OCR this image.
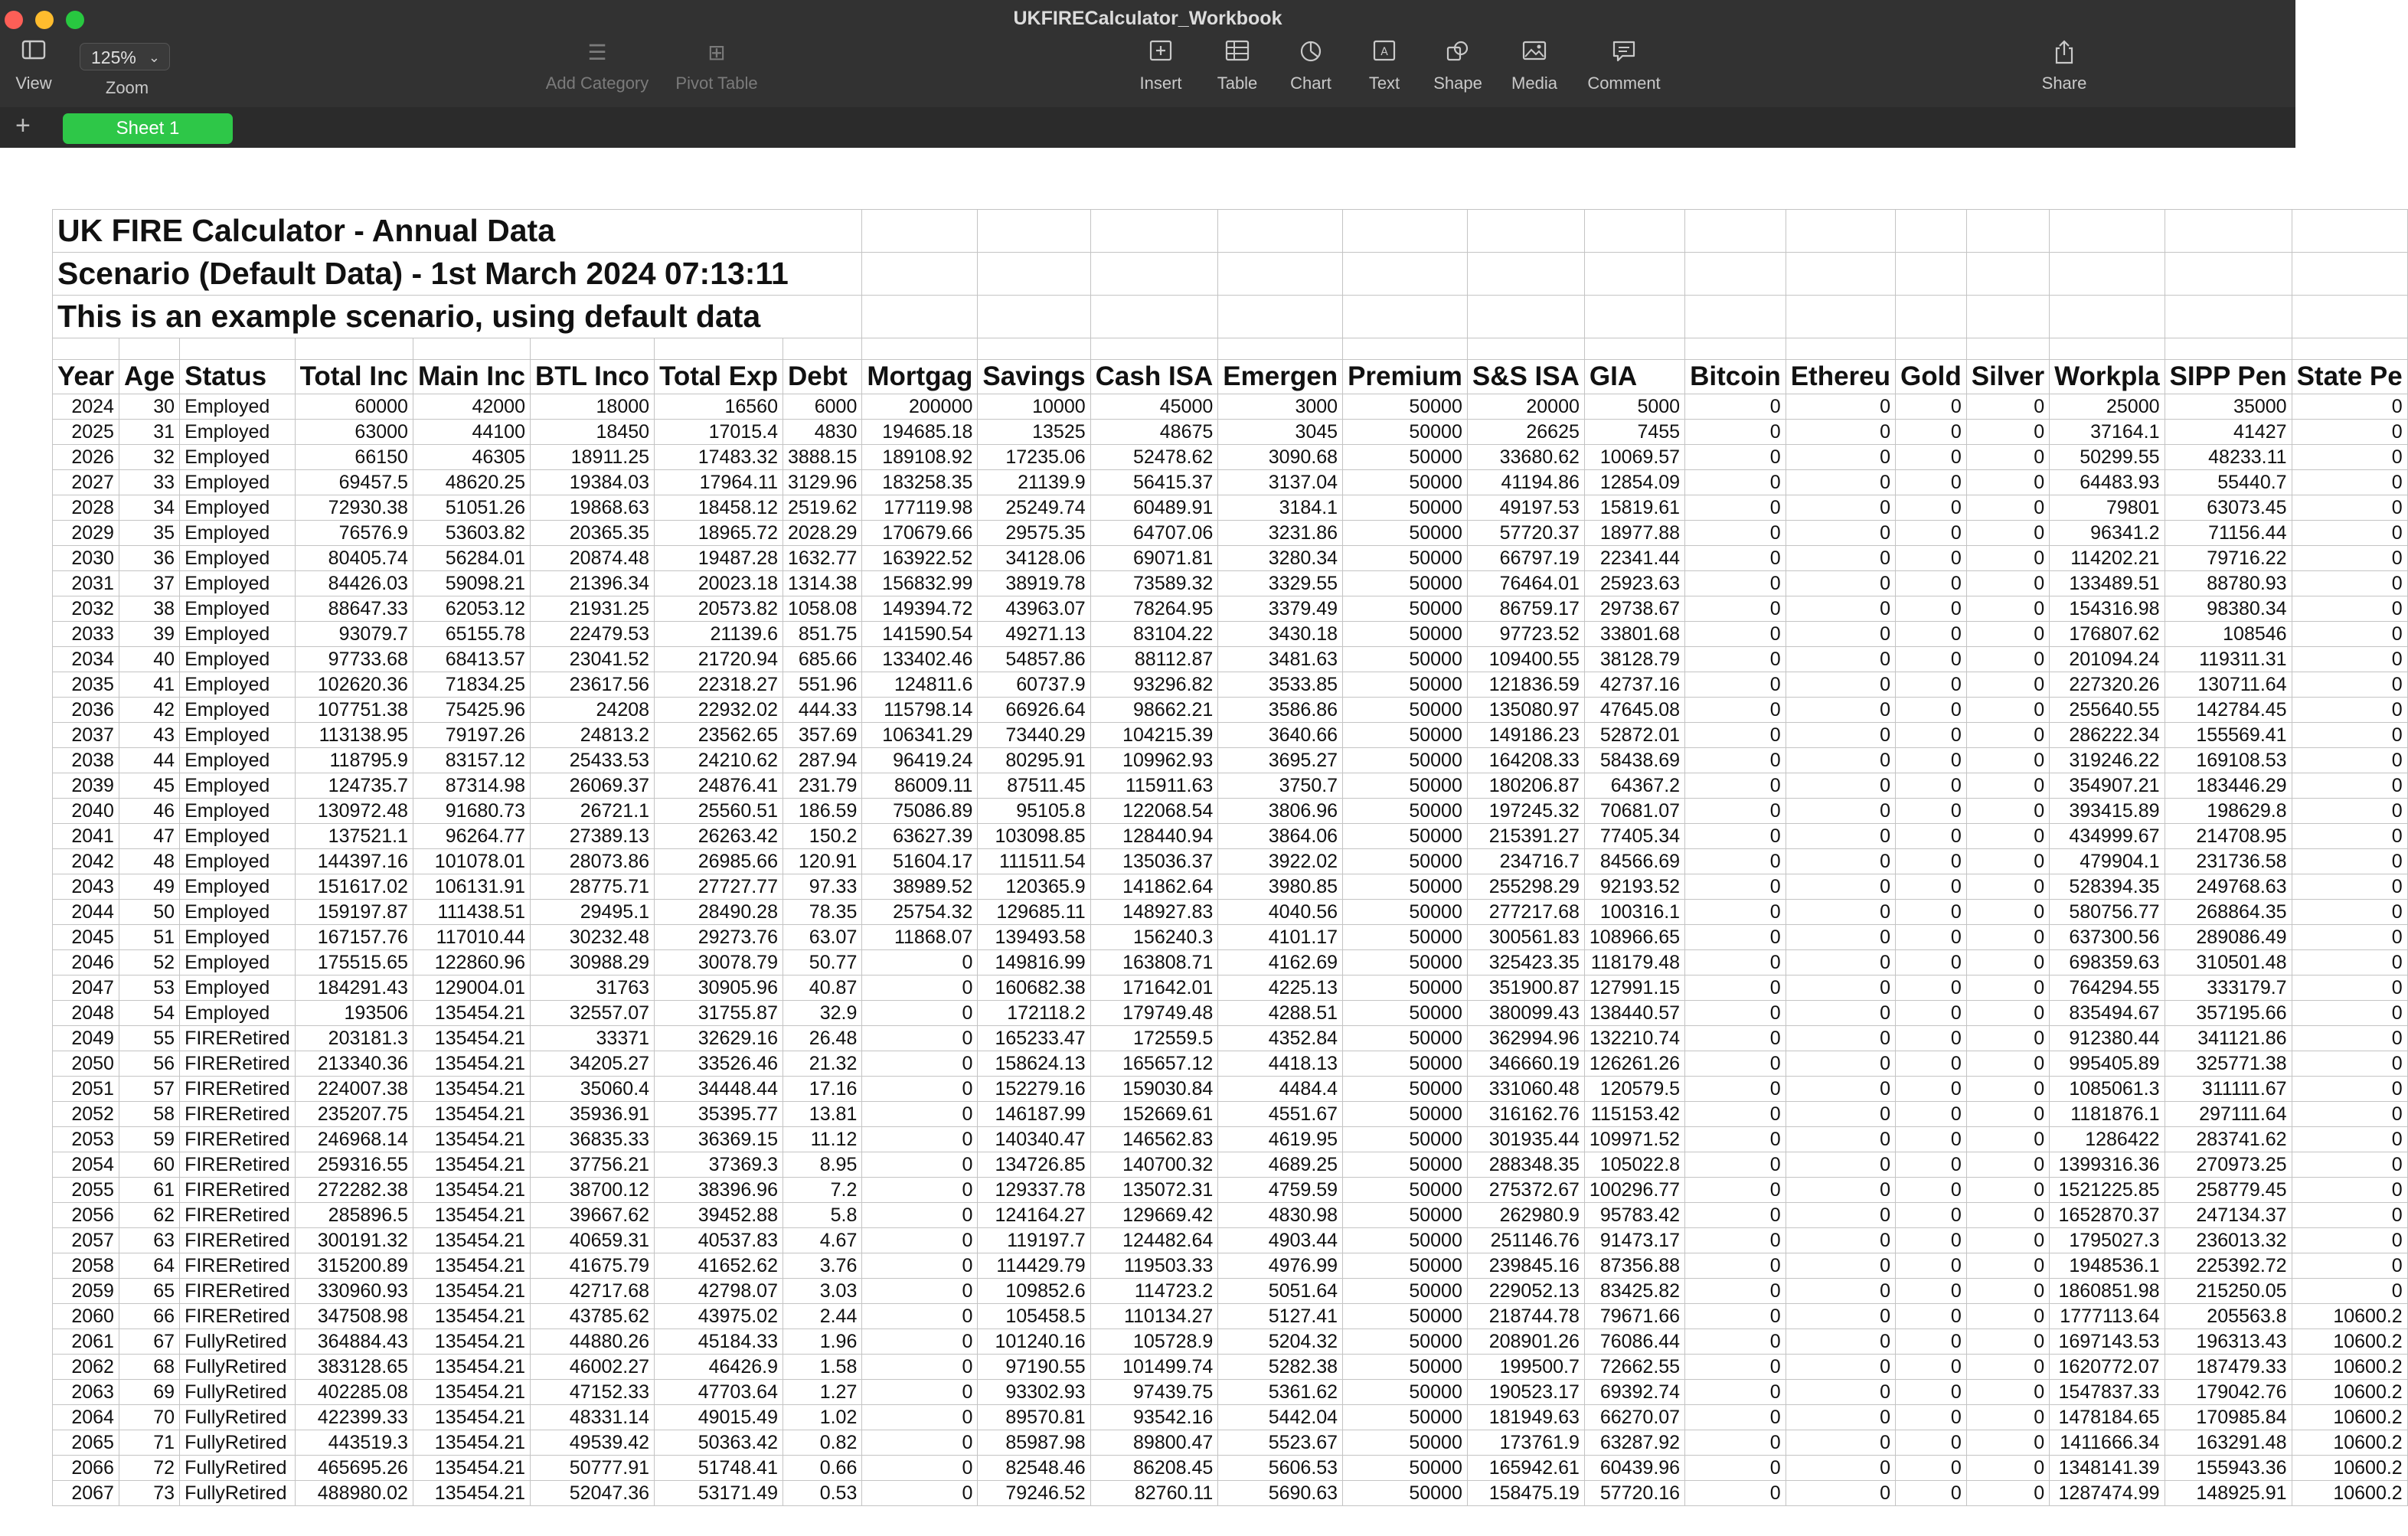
UKFIRECalculator_Workbook
View
125% ⌄
Zoom
☰
Add Category
⊞
Pivot Table	Insert	Table	Chart
A
Text	Shape	Media	Comment	Share
+	Sheet 1
UK FIRE Calculator - Annual Data																					
Scenario (Default Data) - 1st March 2024 07:13:11																					
This is an example scenario, using default data																					

Year	Age	Status	Total Inc	Main Inc	BTL Inco	Total Exp	Debt	Mortgag	Savings	Cash ISA	Emergen	Premium	S&S ISA	GIA	Bitcoin	Ethereu	Gold	Silver	Workpla	SIPP Pen	State Pe
2024	30	Employed	60000	42000	18000	16560	6000	200000	10000	45000	3000	50000	20000	5000	0	0	0	0	25000	35000	0
2025	31	Employed	63000	44100	18450	17015.4	4830	194685.18	13525	48675	3045	50000	26625	7455	0	0	0	0	37164.1	41427	0
2026	32	Employed	66150	46305	18911.25	17483.32	3888.15	189108.92	17235.06	52478.62	3090.68	50000	33680.62	10069.57	0	0	0	0	50299.55	48233.11	0
2027	33	Employed	69457.5	48620.25	19384.03	17964.11	3129.96	183258.35	21139.9	56415.37	3137.04	50000	41194.86	12854.09	0	0	0	0	64483.93	55440.7	0
2028	34	Employed	72930.38	51051.26	19868.63	18458.12	2519.62	177119.98	25249.74	60489.91	3184.1	50000	49197.53	15819.61	0	0	0	0	79801	63073.45	0
2029	35	Employed	76576.9	53603.82	20365.35	18965.72	2028.29	170679.66	29575.35	64707.06	3231.86	50000	57720.37	18977.88	0	0	0	0	96341.2	71156.44	0
2030	36	Employed	80405.74	56284.01	20874.48	19487.28	1632.77	163922.52	34128.06	69071.81	3280.34	50000	66797.19	22341.44	0	0	0	0	114202.21	79716.22	0
2031	37	Employed	84426.03	59098.21	21396.34	20023.18	1314.38	156832.99	38919.78	73589.32	3329.55	50000	76464.01	25923.63	0	0	0	0	133489.51	88780.93	0
2032	38	Employed	88647.33	62053.12	21931.25	20573.82	1058.08	149394.72	43963.07	78264.95	3379.49	50000	86759.17	29738.67	0	0	0	0	154316.98	98380.34	0
2033	39	Employed	93079.7	65155.78	22479.53	21139.6	851.75	141590.54	49271.13	83104.22	3430.18	50000	97723.52	33801.68	0	0	0	0	176807.62	108546	0
2034	40	Employed	97733.68	68413.57	23041.52	21720.94	685.66	133402.46	54857.86	88112.87	3481.63	50000	109400.55	38128.79	0	0	0	0	201094.24	119311.31	0
2035	41	Employed	102620.36	71834.25	23617.56	22318.27	551.96	124811.6	60737.9	93296.82	3533.85	50000	121836.59	42737.16	0	0	0	0	227320.26	130711.64	0
2036	42	Employed	107751.38	75425.96	24208	22932.02	444.33	115798.14	66926.64	98662.21	3586.86	50000	135080.97	47645.08	0	0	0	0	255640.55	142784.45	0
2037	43	Employed	113138.95	79197.26	24813.2	23562.65	357.69	106341.29	73440.29	104215.39	3640.66	50000	149186.23	52872.01	0	0	0	0	286222.34	155569.41	0
2038	44	Employed	118795.9	83157.12	25433.53	24210.62	287.94	96419.24	80295.91	109962.93	3695.27	50000	164208.33	58438.69	0	0	0	0	319246.22	169108.53	0
2039	45	Employed	124735.7	87314.98	26069.37	24876.41	231.79	86009.11	87511.45	115911.63	3750.7	50000	180206.87	64367.2	0	0	0	0	354907.21	183446.29	0
2040	46	Employed	130972.48	91680.73	26721.1	25560.51	186.59	75086.89	95105.8	122068.54	3806.96	50000	197245.32	70681.07	0	0	0	0	393415.89	198629.8	0
2041	47	Employed	137521.1	96264.77	27389.13	26263.42	150.2	63627.39	103098.85	128440.94	3864.06	50000	215391.27	77405.34	0	0	0	0	434999.67	214708.95	0
2042	48	Employed	144397.16	101078.01	28073.86	26985.66	120.91	51604.17	111511.54	135036.37	3922.02	50000	234716.7	84566.69	0	0	0	0	479904.1	231736.58	0
2043	49	Employed	151617.02	106131.91	28775.71	27727.77	97.33	38989.52	120365.9	141862.64	3980.85	50000	255298.29	92193.52	0	0	0	0	528394.35	249768.63	0
2044	50	Employed	159197.87	111438.51	29495.1	28490.28	78.35	25754.32	129685.11	148927.83	4040.56	50000	277217.68	100316.1	0	0	0	0	580756.77	268864.35	0
2045	51	Employed	167157.76	117010.44	30232.48	29273.76	63.07	11868.07	139493.58	156240.3	4101.17	50000	300561.83	108966.65	0	0	0	0	637300.56	289086.49	0
2046	52	Employed	175515.65	122860.96	30988.29	30078.79	50.77	0	149816.99	163808.71	4162.69	50000	325423.35	118179.48	0	0	0	0	698359.63	310501.48	0
2047	53	Employed	184291.43	129004.01	31763	30905.96	40.87	0	160682.38	171642.01	4225.13	50000	351900.87	127991.15	0	0	0	0	764294.55	333179.7	0
2048	54	Employed	193506	135454.21	32557.07	31755.87	32.9	0	172118.2	179749.48	4288.51	50000	380099.43	138440.57	0	0	0	0	835494.67	357195.66	0
2049	55	FIRERetired	203181.3	135454.21	33371	32629.16	26.48	0	165233.47	172559.5	4352.84	50000	362994.96	132210.74	0	0	0	0	912380.44	341121.86	0
2050	56	FIRERetired	213340.36	135454.21	34205.27	33526.46	21.32	0	158624.13	165657.12	4418.13	50000	346660.19	126261.26	0	0	0	0	995405.89	325771.38	0
2051	57	FIRERetired	224007.38	135454.21	35060.4	34448.44	17.16	0	152279.16	159030.84	4484.4	50000	331060.48	120579.5	0	0	0	0	1085061.3	311111.67	0
2052	58	FIRERetired	235207.75	135454.21	35936.91	35395.77	13.81	0	146187.99	152669.61	4551.67	50000	316162.76	115153.42	0	0	0	0	1181876.1	297111.64	0
2053	59	FIRERetired	246968.14	135454.21	36835.33	36369.15	11.12	0	140340.47	146562.83	4619.95	50000	301935.44	109971.52	0	0	0	0	1286422	283741.62	0
2054	60	FIRERetired	259316.55	135454.21	37756.21	37369.3	8.95	0	134726.85	140700.32	4689.25	50000	288348.35	105022.8	0	0	0	0	1399316.36	270973.25	0
2055	61	FIRERetired	272282.38	135454.21	38700.12	38396.96	7.2	0	129337.78	135072.31	4759.59	50000	275372.67	100296.77	0	0	0	0	1521225.85	258779.45	0
2056	62	FIRERetired	285896.5	135454.21	39667.62	39452.88	5.8	0	124164.27	129669.42	4830.98	50000	262980.9	95783.42	0	0	0	0	1652870.37	247134.37	0
2057	63	FIRERetired	300191.32	135454.21	40659.31	40537.83	4.67	0	119197.7	124482.64	4903.44	50000	251146.76	91473.17	0	0	0	0	1795027.3	236013.32	0
2058	64	FIRERetired	315200.89	135454.21	41675.79	41652.62	3.76	0	114429.79	119503.33	4976.99	50000	239845.16	87356.88	0	0	0	0	1948536.1	225392.72	0
2059	65	FIRERetired	330960.93	135454.21	42717.68	42798.07	3.03	0	109852.6	114723.2	5051.64	50000	229052.13	83425.82	0	0	0	0	1860851.98	215250.05	0
2060	66	FIRERetired	347508.98	135454.21	43785.62	43975.02	2.44	0	105458.5	110134.27	5127.41	50000	218744.78	79671.66	0	0	0	0	1777113.64	205563.8	10600.2
2061	67	FullyRetired	364884.43	135454.21	44880.26	45184.33	1.96	0	101240.16	105728.9	5204.32	50000	208901.26	76086.44	0	0	0	0	1697143.53	196313.43	10600.2
2062	68	FullyRetired	383128.65	135454.21	46002.27	46426.9	1.58	0	97190.55	101499.74	5282.38	50000	199500.7	72662.55	0	0	0	0	1620772.07	187479.33	10600.2
2063	69	FullyRetired	402285.08	135454.21	47152.33	47703.64	1.27	0	93302.93	97439.75	5361.62	50000	190523.17	69392.74	0	0	0	0	1547837.33	179042.76	10600.2
2064	70	FullyRetired	422399.33	135454.21	48331.14	49015.49	1.02	0	89570.81	93542.16	5442.04	50000	181949.63	66270.07	0	0	0	0	1478184.65	170985.84	10600.2
2065	71	FullyRetired	443519.3	135454.21	49539.42	50363.42	0.82	0	85987.98	89800.47	5523.67	50000	173761.9	63287.92	0	0	0	0	1411666.34	163291.48	10600.2
2066	72	FullyRetired	465695.26	135454.21	50777.91	51748.41	0.66	0	82548.46	86208.45	5606.53	50000	165942.61	60439.96	0	0	0	0	1348141.39	155943.36	10600.2
2067	73	FullyRetired	488980.02	135454.21	52047.36	53171.49	0.53	0	79246.52	82760.11	5690.63	50000	158475.19	57720.16	0	0	0	0	1287474.99	148925.91	10600.2
